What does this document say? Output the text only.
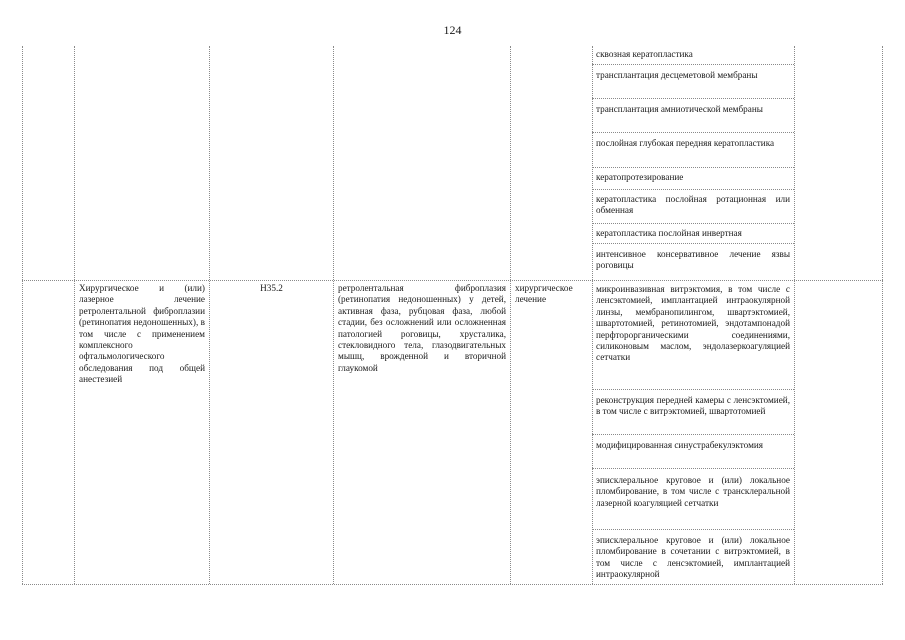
124
сквозная кератопластика
трансплантация десцеметовой мембраны
трансплантация амниотической мембраны
послойная глубокая передняя кератопластика
кератопротезирование
кератопластика послойная ротационная или обменная
кератопластика послойная инвертная
интенсивное консервативное лечение язвы роговицы
Хирургическое и (или) лазерное лечение ретролентальной фиброплазии (ретинопатия недоношенных), в том числе с применением комплексного офтальмологического обследования под общей анестезией
H35.2	ретролентальная фиброплазия (ретинопатия недоношенных) у детей, активная фаза, рубцовая фаза, любой стадии, без осложнений или осложненная патологией роговицы, хрусталика, стекловидного тела, глазодвигательных мышц, врожденной и вторичной глаукомой
хирургическое лечение
микроинвазивная витрэктомия, в том числе с ленсэктомией, имплантацией интраокулярной линзы, мембранопилингом, швартэктомией, швартотомией, ретинотомией, эндотампонадой перфторорганическими соединениями, силиконовым маслом, эндолазеркоагуляцией сетчатки
реконструкция передней камеры с ленсэктомией, в том числе с витрэктомией, швартотомией
модифицированная синустрабекулэктомия
эписклеральное круговое и (или) локальное пломбирование, в том числе с трансклеральной лазерной коагуляцией сетчатки
эписклеральное круговое и (или) локальное пломбирование в сочетании с витрэктомией, в том числе с ленсэктомией, имплантацией интраокулярной
